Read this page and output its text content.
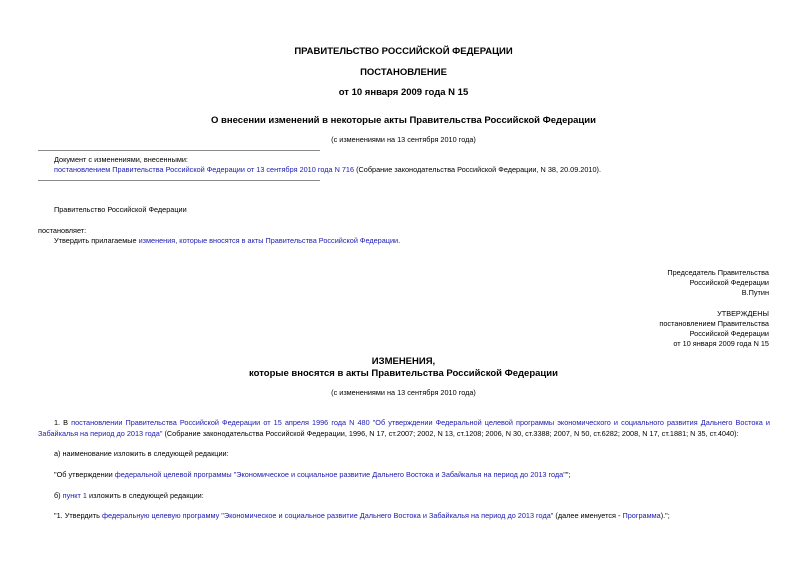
ПРАВИТЕЛЬСТВО РОССИЙСКОЙ ФЕДЕРАЦИИ
ПОСТАНОВЛЕНИЕ
от 10 января 2009 года N 15
О внесении изменений в некоторые акты Правительства Российской Федерации
(с изменениями на 13 сентября 2010 года)
Документ с изменениями, внесенными:
постановлением Правительства Российской Федерации от 13 сентября 2010 года N 716 (Собрание законодательства Российской Федерации, N 38, 20.09.2010).
Правительство Российской Федерации
постановляет:
Утвердить прилагаемые изменения, которые вносятся в акты Правительства Российской Федерации.
Председатель Правительства
Российской Федерации
В.Путин
УТВЕРЖДЕНЫ
постановлением Правительства
Российской Федерации
от 10 января 2009 года N 15
ИЗМЕНЕНИЯ,
которые вносятся в акты Правительства Российской Федерации
(с изменениями на 13 сентября 2010 года)
1. В постановлении Правительства Российской Федерации от 15 апреля 1996 года N 480 "Об утверждении Федеральной целевой программы экономического и социального развития Дальнего Востока и Забайкалья на период до 2013 года" (Собрание законодательства Российской Федерации, 1996, N 17, ст.2007; 2002, N 13, ст.1208; 2006, N 30, ст.3388; 2007, N 50, ст.6282; 2008, N 17, ст.1881; N 35, ст.4040):
а) наименование изложить в следующей редакции:
"Об утверждении федеральной целевой программы "Экономическое и социальное развитие Дальнего Востока и Забайкалья на период до 2013 года"";
б) пункт 1 изложить в следующей редакции:
"1. Утвердить федеральную целевую программу "Экономическое и социальное развитие Дальнего Востока и Забайкалья на период до 2013 года" (далее именуется - Программа).";
